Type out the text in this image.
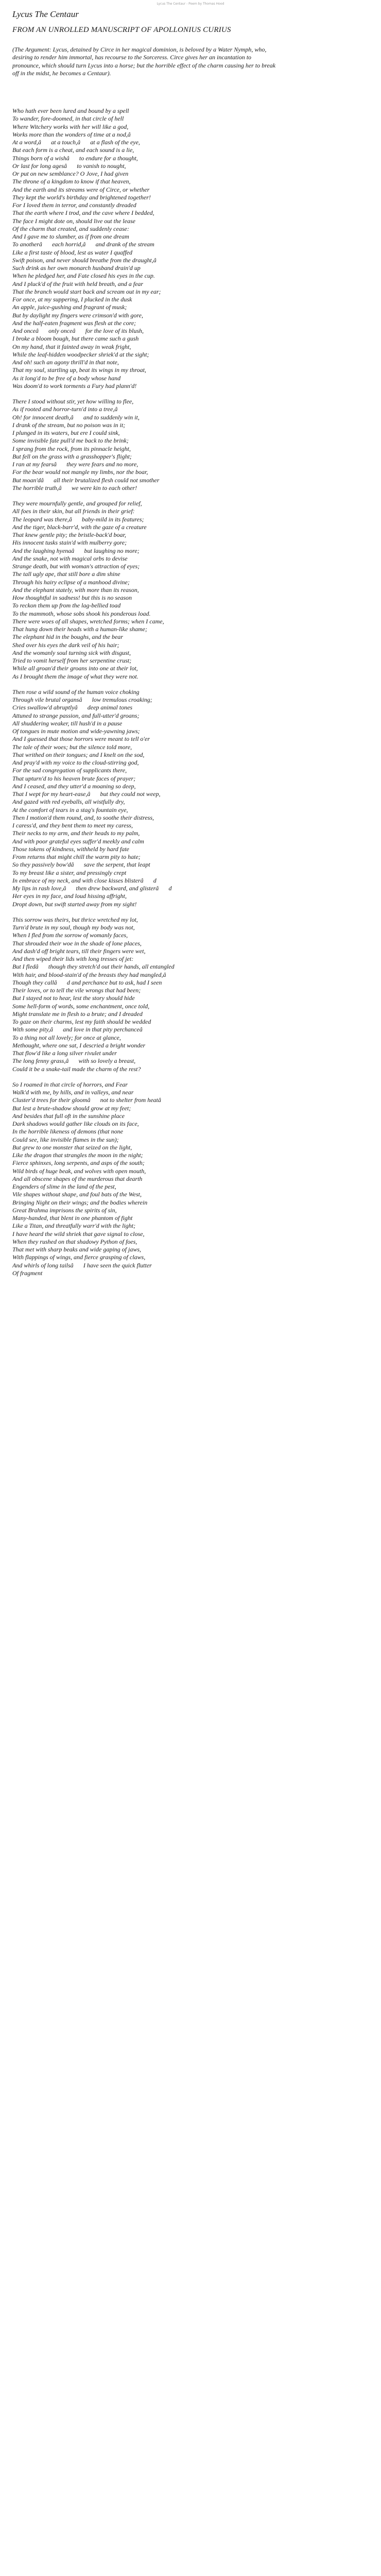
Lycus The Centaur - Poem by Thomas Hood
Lycus The Centaur
FROM AN UNROLLED MANUSCRIPT OF APOLLONIUS CURIUS
(The Argument: Lycus, detained by Circe in her magical dominion, is beloved by a Water Nymph, who, desiring to render him immortal, has recourse to the Sorceress. Circe gives her an incantation to pronounce, which should turn Lycus into a horse; but the horrible effect of the charm causing her to break off in the midst, he becomes a Centaur).
Who hath ever been lured and bound by a spell
To wander, fore-doomed, in that circle of hell
Where Witchery works with her will like a god,
Works more than the wonders of time at a nod,â
At a word,âat a touch,âat a flash of the eye,
But each form is a cheat, and each sound is a lie,
Things born of a wishâto endure for a thought,
Or last for long agesâto vanish to nought,
Or put on new semblance? O Jove, I had given
The throne of a kingdom to know if that heaven,
And the earth and its streams were of Circe, or whether
They kept the world's birthday and brightened together!
For I loved them in terror, and constantly dreaded
That the earth where I trod, and the cave where I bedded,
The face I might dote on, should live out the lease
Of the charm that created, and suddenly cease:
And I gave me to slumber, as if from one dream
To anotherâeach horrid,âand drank of the stream
Like a first taste of blood, lest as water I quaffed
Swift poison, and never should breathe from the draught,â
Such drink as her own monarch husband drain'd up
When he pledged her, and Fate closed his eyes in the cup.
And I pluck'd of the fruit with held breath, and a fear
That the branch would start back and scream out in my ear;
For once, at my suppering, I plucked in the dusk
An apple, juice-gushing and fragrant of musk;
But by daylight my fingers were crimson'd with gore,
And the half-eaten fragment was flesh at the core;
And onceâonly onceâfor the love of its blush,
I broke a bloom bough, but there came such a gush
On my hand, that it fainted away in weak fright,
While the leaf-hidden woodpecker shriek'd at the sight;
And oh! such an agony thrill'd in that note,
That my soul, startling up, beat its wings in my throat,
As it long'd to be free of a body whose hand
Was doom'd to work torments a Fury had plann'd!
There I stood without stir, yet how willing to flee,
As if rooted and horror-turn'd into a tree,â
Oh! for innocent death,âand to suddenly win it,
I drank of the stream, but no poison was in it;
I plunged in its waters, but ere I could sink,
Some invisible fate pull'd me back to the brink;
I sprang from the rock, from its pinnacle height,
But fell on the grass with a grasshopper's flight;
I ran at my fearsâthey were fears and no more,
For the bear would not mangle my limbs, nor the boar,
But moan'dâall their brutalized flesh could not smother
The horrible truth,âwe were kin to each other!
They were mournfully gentle, and grouped for relief,
All foes in their skin, but all friends in their grief:
The leopard was there,âbaby-mild in its features;
And the tiger, black-barr'd, with the gaze of a creature
That knew gentle pity; the bristle-back'd boar,
His innocent tusks stain'd with mulberry gore;
And the laughing hyenaâbut laughing no more;
And the snake, not with magical orbs to devise
Strange death, but with woman's attraction of eyes;
The tall ugly ape, that still bore a dim shine
Through his hairy eclipse of a manhood divine;
And the elephant stately, with more than its reason,
How thoughtful in sadness! but this is no season
To reckon them up from the lag-bellied toad
To the mammoth, whose sobs shook his ponderous load.
There were woes of all shapes, wretched forms; when I came,
That hung down their heads with a human-like shame;
The elephant hid in the boughs, and the bear
Shed over his eyes the dark veil of his hair;
And the womanly soul turning sick with disgust,
Tried to vomit herself from her serpentine crust;
While all groan'd their groans into one at their lot,
As I brought them the image of what they were not.
Then rose a wild sound of the human voice choking
Through vile brutal organsâlow tremulous croaking;
Cries swallow'd abruptlyâdeep animal tones
Attuned to strange passion, and full-utter'd groans;
All shuddering weaker, till hush'd in a pause
Of tongues in mute motion and wide-yawning jaws;
And I guessed that those horrors were meant to tell o'er
The tale of their woes; but the silence told more,
That writhed on their tongues; and I knelt on the sod,
And pray'd with my voice to the cloud-stirring god,
For the sad congregation of supplicants there,
That upturn'd to his heaven brute faces of prayer;
And I ceased, and they utter'd a moaning so deep,
That I wept for my heart-ease,âbut they could not weep,
And gazed with red eyeballs, all wistfully dry,
At the comfort of tears in a stag's fountain eye,
Then I motion'd them round, and, to soothe their distress,
I caress'd, and they bent them to meet my caress,
Their necks to my arm, and their heads to my palm,
And with poor grateful eyes suffer'd meekly and calm
Those tokens of kindness, withheld by hard fate
From returns that might chill the warm pity to hate;
So they passively bow'dâsave the serpent, that leapt
To my breast like a sister, and pressingly crept
In embrace of my neck, and with close kisses blisterâd
My lips in rash love,âthen drew backward, and glisterâd
Her eyes in my face, and loud hissing affright,
Dropt down, but swift started away from my sight!
This sorrow was theirs, but thrice wretched my lot,
Turn'd brute in my soul, though my body was not,
When I fled from the sorrow of womanly faces,
That shrouded their woe in the shade of lone places,
And dash'd off bright tears, till their fingers were wet,
And then wiped their lids with long tresses of jet:
But I fledâthough they stretch'd out their hands, all entangled
With hair, and blood-stain'd of the breasts they had mangled,â
Though they callâd and perchance but to ask, had I seen
Their loves, or to tell the vile wrongs that had been;
But I stayed not to hear, lest the story should hide
Some hell-form of words, some enchantment, once told,
Might translate me in flesh to a brute; and I dreaded
To gaze on their charms, lest my faith should be wedded
With some pity,âand love in that pity perchanceâ
To a thing not all lovely; for once at glance,
Methought, where one sat, I descried a bright wonder
That flow'd like a long silver rivulet under
The long fenny grass,âwith so lovely a breast,
Could it be a snake-tail made the charm of the rest?
So I roamed in that circle of horrors, and Fear
Walk'd with me, by hills, and in valleys, and near
Cluster'd trees for their gloomânot to shelter from heatâ
But lest a brute-shadow should grow at my feet;
And besides that full oft in the sunshine place
Dark shadows would gather like clouds on its face,
In the horrible likeness of demons (that none
Could see, like invisible flames in the sun);
But grew to one monster that seized on the light,
Like the dragon that strangles the moon in the night;
Fierce sphinxes, long serpents, and asps of the south;
Wild birds of huge beak, and wolves with open mouth,
And all obscene shapes of the murderous that dearth
Engenders of slime in the land of the pest,
Vile shapes without shape, and foul bats of the West,
Bringing Night on their wings; and the bodies wherein
Great Brahma imprisons the spirits of sin,
Many-handed, that blent in one phantom of fight
Like a Titan, and threatfully warr'd with the light;
I have heard the wild shriek that gave signal to close,
When they rushed on that shadowy Python of foes,
That met with sharp beaks and wide gaping of jaws,
With flappings of wings, and fierce grasping of claws,
And whirls of long tailsâI have seen the quick flutter
Of fragment
